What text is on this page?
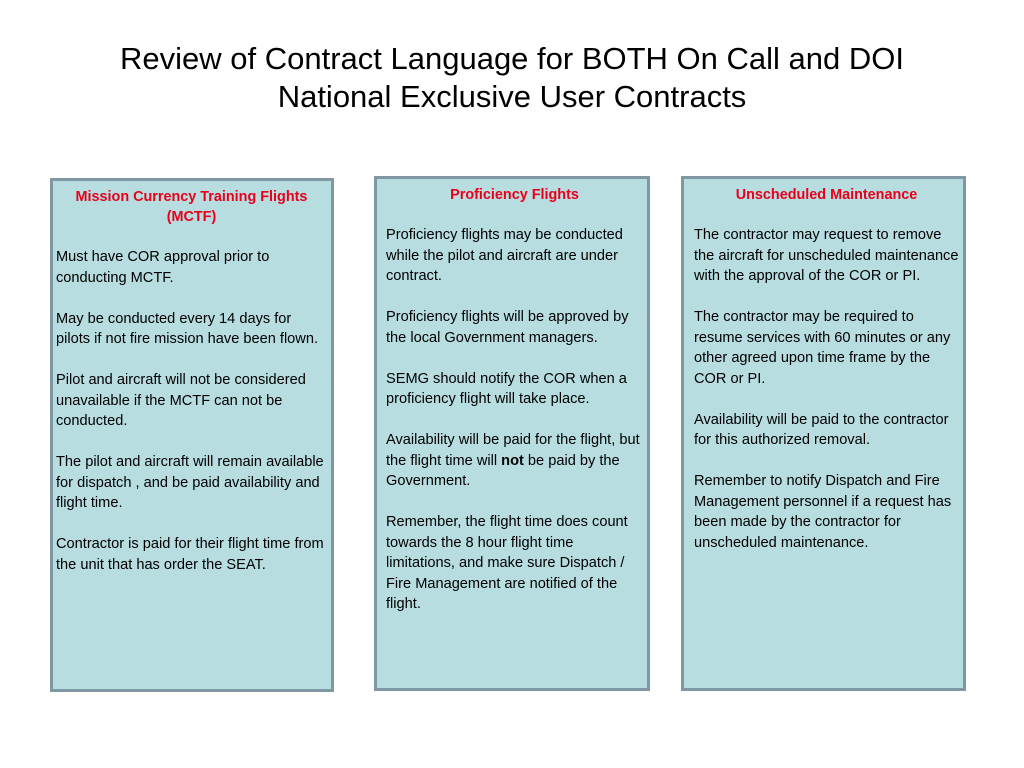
Review of Contract Language for BOTH On Call and DOI
National Exclusive User Contracts
Mission Currency Training Flights (MCTF)

Must have COR approval prior to conducting MCTF.

May be conducted every 14 days for pilots if not fire mission have been flown.

Pilot and aircraft will not be considered unavailable if the MCTF can not be conducted.

The pilot and aircraft will remain available for dispatch , and be paid availability and flight time.

Contractor is paid for their flight time from the unit that has order the SEAT.

Proficiency Flights

Proficiency flights may be conducted while the pilot and aircraft are under contract.

Proficiency flights will be approved by the local Government managers.

SEMG should notify the COR when a proficiency flight will take place.

Availability will be paid for the flight, but the flight time will not be paid by the Government.

Remember, the flight time does count towards the 8 hour flight time limitations, and make sure Dispatch / Fire Management are notified of the flight.

Unscheduled Maintenance

The contractor may request to remove the aircraft for unscheduled maintenance with the approval of the COR or PI.

The contractor may be required to resume services with 60 minutes or any other agreed upon time frame by the COR or PI.

Availability will be paid to the contractor for this authorized removal.

Remember to notify Dispatch and Fire Management personnel if a request has been made by the contractor for unscheduled maintenance.
